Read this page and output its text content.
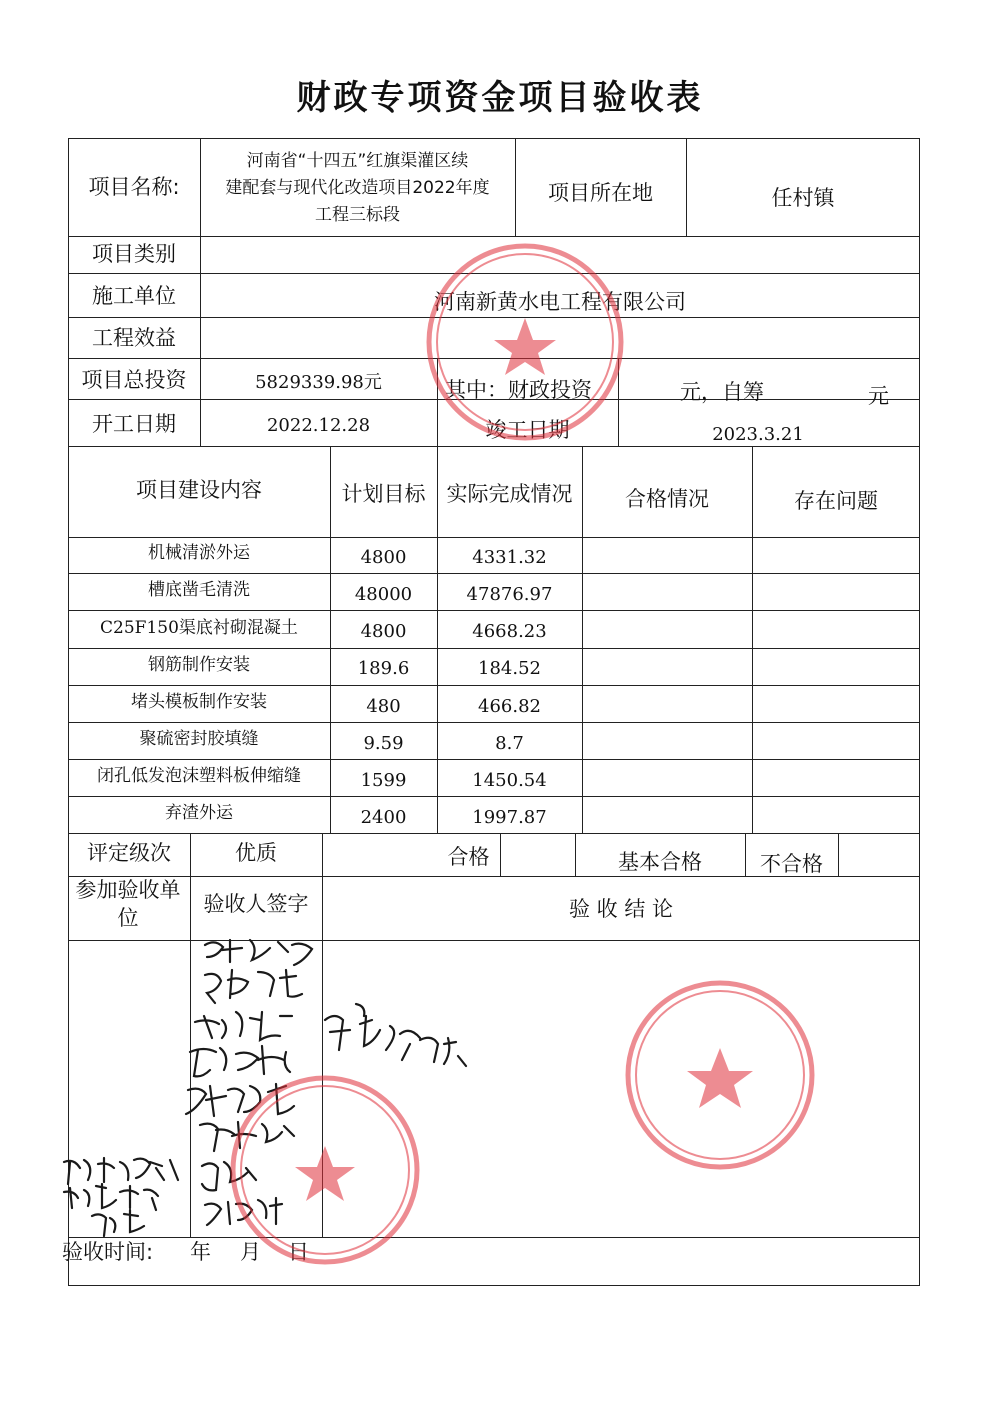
财政专项资金项目验收表
项目名称:
河南省“十四五”红旗渠灌区续
建配套与现代化改造项目2022年度
工程三标段
项目所在地	任村镇
项目类别
施工单位	河南新黄水电工程有限公司
工程效益
项目总投资	5829339.98元	其中：财政投资	元，自筹	元
开工日期	2022.12.28	竣工日期	2023.3.21
项目建设内容	计划目标	实际完成情况	合格情况	存在问题
机械清淤外运	4800	4331.32
槽底凿毛清洗	48000	47876.97
C25F150渠底衬砌混凝土	4800	4668.23
钢筋制作安装	189.6	184.52
堵头模板制作安装	480	466.82
聚硫密封胶填缝	9.59	8.7
闭孔低发泡沫塑料板伸缩缝	1599	1450.54
弃渣外运	2400	1997.87
评定级次	优质	合格	基本合格	不合格
参加验收单位
验收人签字	验 收 结 论
验收时间: 年 月 日
